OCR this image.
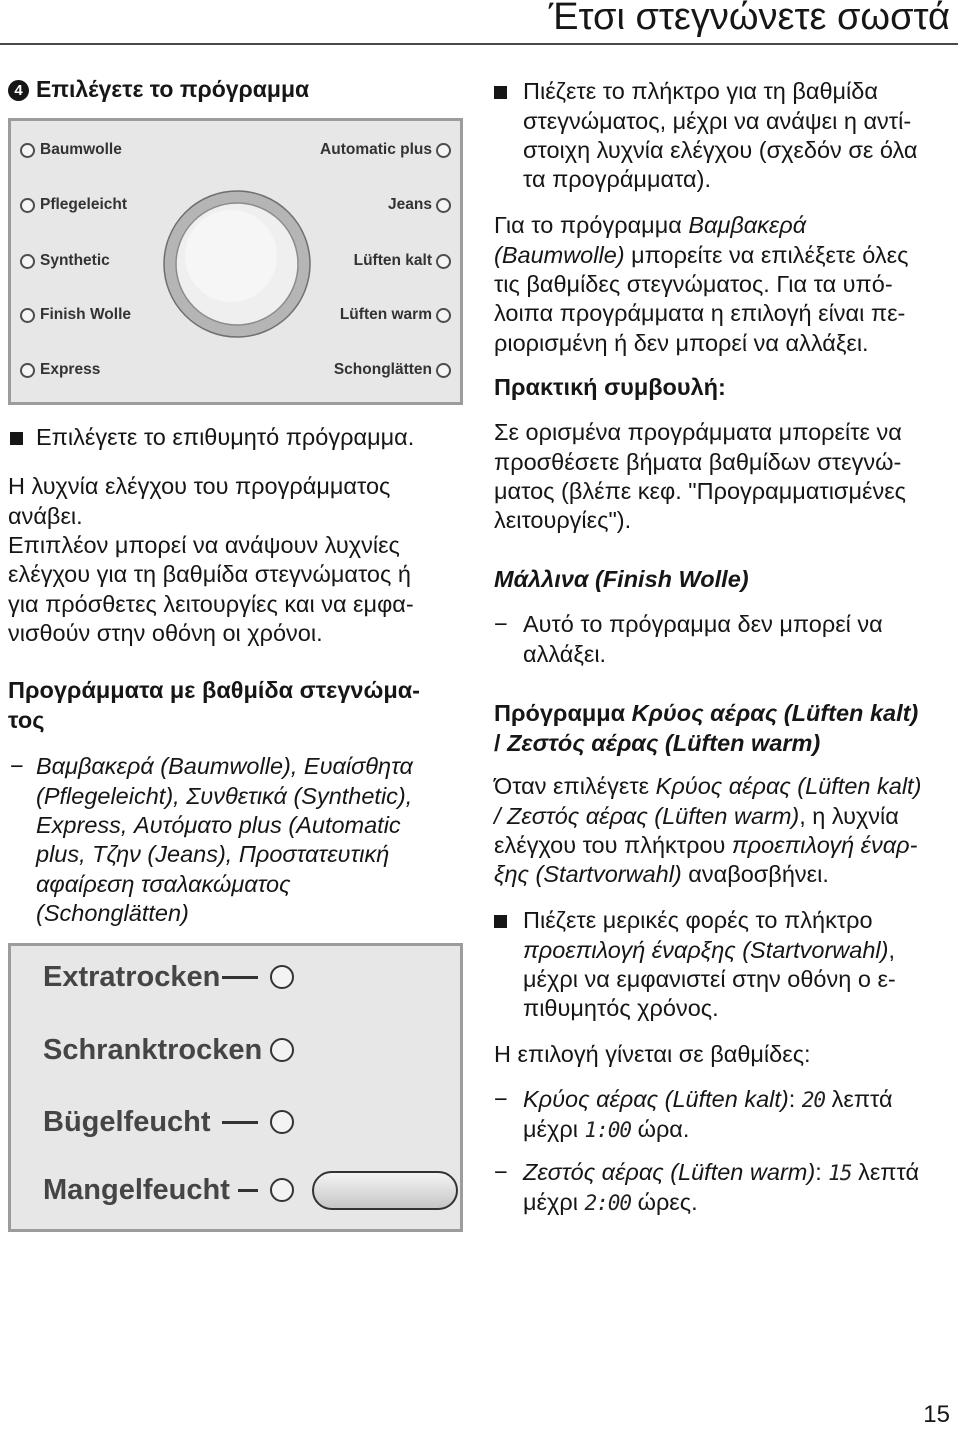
Έτσι στεγνώνετε σωστά
4 Επιλέγετε το πρόγραμμα
Baumwolle
Pflegeleicht
Synthetic
Finish Wolle
Express
Automatic plus
Jeans
Lüften kalt
Lüften warm
Schonglätten
Επιλέγετε το επιθυμητό πρόγραμμα.
Η λυχνία ελέγχου του προγράμματος
ανάβει.
Επιπλέον μπορεί να ανάψουν λυχνίες
ελέγχου για τη βαθμίδα στεγνώματος ή
για πρόσθετες λειτουργίες και να εμφα-
νισθούν στην οθόνη οι χρόνοι.
Προγράμματα με βαθμίδα στεγνώμα-
τος
− Βαμβακερά (Baumwolle), Ευαίσθητα
(Pflegeleicht), Συνθετικά (Synthetic),
Express, Αυτόματο plus (Automatic
plus, Τζην (Jeans), Προστατευτική
αφαίρεση τσαλακώματος
(Schonglätten)
Extratrocken
Schranktrocken
Bügelfeucht
Mangelfeucht
Πιέζετε το πλήκτρο για τη βαθμίδα
στεγνώματος, μέχρι να ανάψει η αντί-
στοιχη λυχνία ελέγχου (σχεδόν σε όλα
τα προγράμματα).
Για το πρόγραμμα Βαμβακερά
(Baumwolle) μπορείτε να επιλέξετε όλες
τις βαθμίδες στεγνώματος. Για τα υπό-
λοιπα προγράμματα η επιλογή είναι πε-
ριορισμένη ή δεν μπορεί να αλλάξει.
Πρακτική συμβουλή:
Σε ορισμένα προγράμματα μπορείτε να
προσθέσετε βήματα βαθμίδων στεγνώ-
ματος (βλέπε κεφ. "Προγραμματισμένες
λειτουργίες").
Μάλλινα (Finish Wolle)
− Αυτό το πρόγραμμα δεν μπορεί να
αλλάξει.
Πρόγραμμα Κρύος αέρας (Lüften kalt)
/ Ζεστός αέρας (Lüften warm)
Όταν επιλέγετε Κρύος αέρας (Lüften kalt)
/ Ζεστός αέρας (Lüften warm), η λυχνία
ελέγχου του πλήκτρου προεπιλογή έναρ-
ξης (Startvorwahl) αναβοσβήνει.
Πιέζετε μερικές φορές το πλήκτρο
προεπιλογή έναρξης (Startvorwahl),
μέχρι να εμφανιστεί στην οθόνη ο ε-
πιθυμητός χρόνος.
Η επιλογή γίνεται σε βαθμίδες:
− Κρύος αέρας (Lüften kalt): 20 λεπτά
μέχρι 1:00 ώρα.
− Ζεστός αέρας (Lüften warm): 15 λεπτά
μέχρι 2:00 ώρες.
15
